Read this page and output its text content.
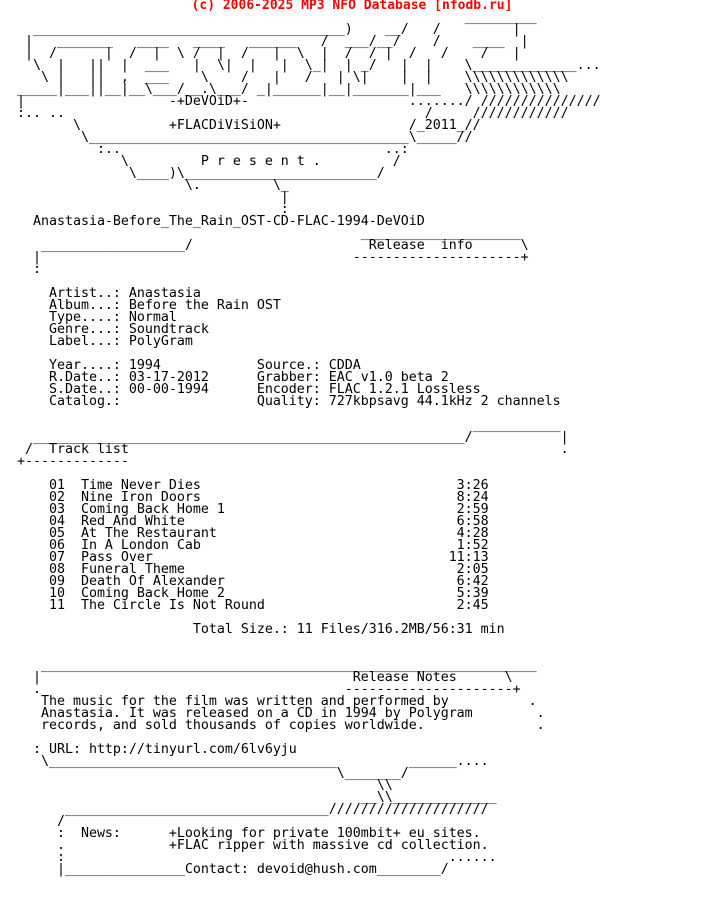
(c) 2006-2025 MP3 NFO Database [nfodb.ru]
_________
_______________________________________)    __/   /         |
|   _______   ____   ____   ______   /  ___/__/    /    ____  |
|  /      |  /  |  \ /  |  /   |  \  |  /  / |  /   /    /   |
\  |   ||  |  ___   |  \|  |   |  \_|  | _/   |  |    \_____________...
\ |   ||  ,  ___    \    /   |   /   | \|    |  |    \\\\\\\\\\\\\
_____|___||__|__\___/__.\___/ _|______|__|_______|___   \\\\\\\\\\\\
|                  -+DeVOiD+-                    ......./ ///////////////
:.. ..                                             /     ////////////
\           +FLACDiViSiON+                /_2011_//
\________________________________________\_____//
:..                                 ..:
\         P r e s e n t .         /
\____)\________________________/
\.         \_
|
:
Anastasia-Before_The_Rain_OST-CD-FLAC-1994-DeVOiD
____________________
__________________/                      Release  info      \
|                                       ---------------------+
:

Artist..: Anastasia
Album...: Before the Rain OST
Type....: Normal
Genre...: Soundtrack
Label...: PolyGram

Year....: 1994            Source.: CDDA
R.Date..: 03-17-2012      Grabber: EAC v1.0 beta 2
S.Date..: 00-00-1994      Encoder: FLAC 1.2.1 Lossless
Catalog.:                 Quality: 727kbpsavg 44.1kHz 2 channels

___________
______________________________________________________/           |
/  Track list                                                      .
+-------------

01  Time Never Dies                                3:26
02  Nine Iron Doors                                8:24
03  Coming Back Home 1                             2:59
04  Red And White                                  6:58
05  At The Restaurant                              4:28
06  In A London Cab                                1:52
07  Pass Over                                     11:13
08  Funeral Theme                                  2:05
09  Death Of Alexander                             6:42
10  Coming Back Home 2                             5:39
11  The Circle Is Not Round                        2:45

Total Size.: 11 Files/316.2MB/56:31 min

______________________________________________________________
|                                       Release Notes      \
.                                      ---------------------+
The music for the film was written and performed by          .
Anastasia. It was released on a CD in 1994 by Polygram        .
records, and sold thousands of copies worldwide.              .

: URL: http://tinyurl.com/6lv6yju
\____________________________________         ______....
\_______/
\\
__\\_____________
_________________________________////////////////////
/
:  News:      +Looking for private 100mbit+ eu sites.
.             +FLAC ripper with massive cd collection.
:                                                ......
|_______________Contact: devoid@hush.com________/
